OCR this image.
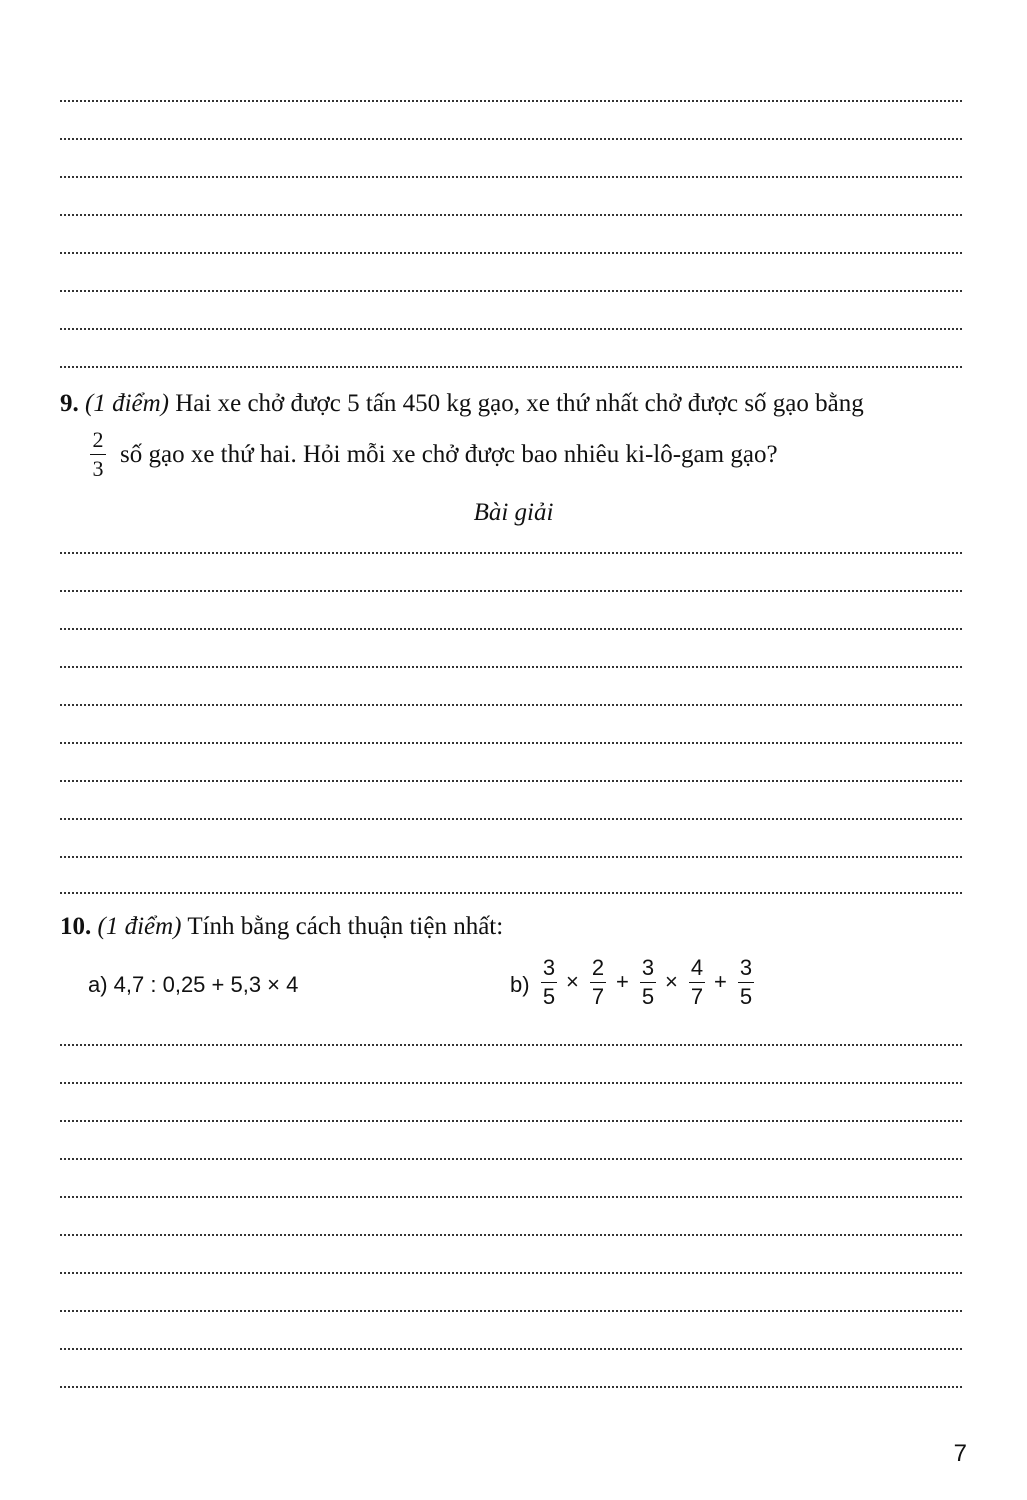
9. (1 điểm) Hai xe chở được 5 tấn 450 kg gạo, xe thứ nhất chở được số gạo bằng
2
3
số gạo xe thứ hai. Hỏi mỗi xe chở được bao nhiêu ki-lô-gam gạo?
Bài giải
10. (1 điểm) Tính bằng cách thuận tiện nhất:
a) 4,7 : 0,25 + 5,3 × 4	b)
3
5
×
2
7
+
3
5
×
4
7
+
3
5
7
